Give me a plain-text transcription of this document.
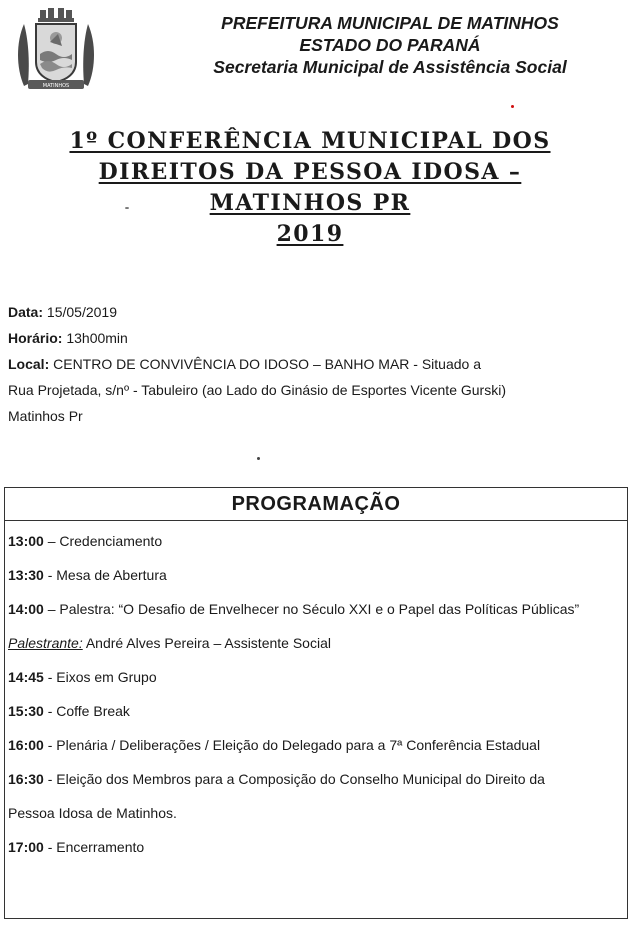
MATINHOS
PREFEITURA MUNICIPAL DE MATINHOS
ESTADO DO PARANÁ
Secretaria Municipal de Assistência Social
1º CONFERÊNCIA MUNICIPAL DOS
DIREITOS DA PESSOA IDOSA –
MATINHOS PR
2019
Data: 15/05/2019
Horário: 13h00min
Local: CENTRO DE CONVIVÊNCIA DO IDOSO – BANHO MAR - Situado a
Rua Projetada, s/nº - Tabuleiro (ao Lado do Ginásio de Esportes Vicente Gurski)
Matinhos Pr
PROGRAMAÇÃO
13:00 – Credenciamento
13:30 - Mesa de Abertura
14:00 – Palestra: “O Desafio de Envelhecer no Século XXI e o Papel das Políticas Públicas”
Palestrante: André Alves Pereira – Assistente Social
14:45 - Eixos em Grupo
15:30 - Coffe Break
16:00 - Plenária / Deliberações / Eleição do Delegado para a 7ª Conferência Estadual
16:30 - Eleição dos Membros para a Composição do Conselho Municipal do Direito da
Pessoa Idosa de Matinhos.
17:00 - Encerramento
